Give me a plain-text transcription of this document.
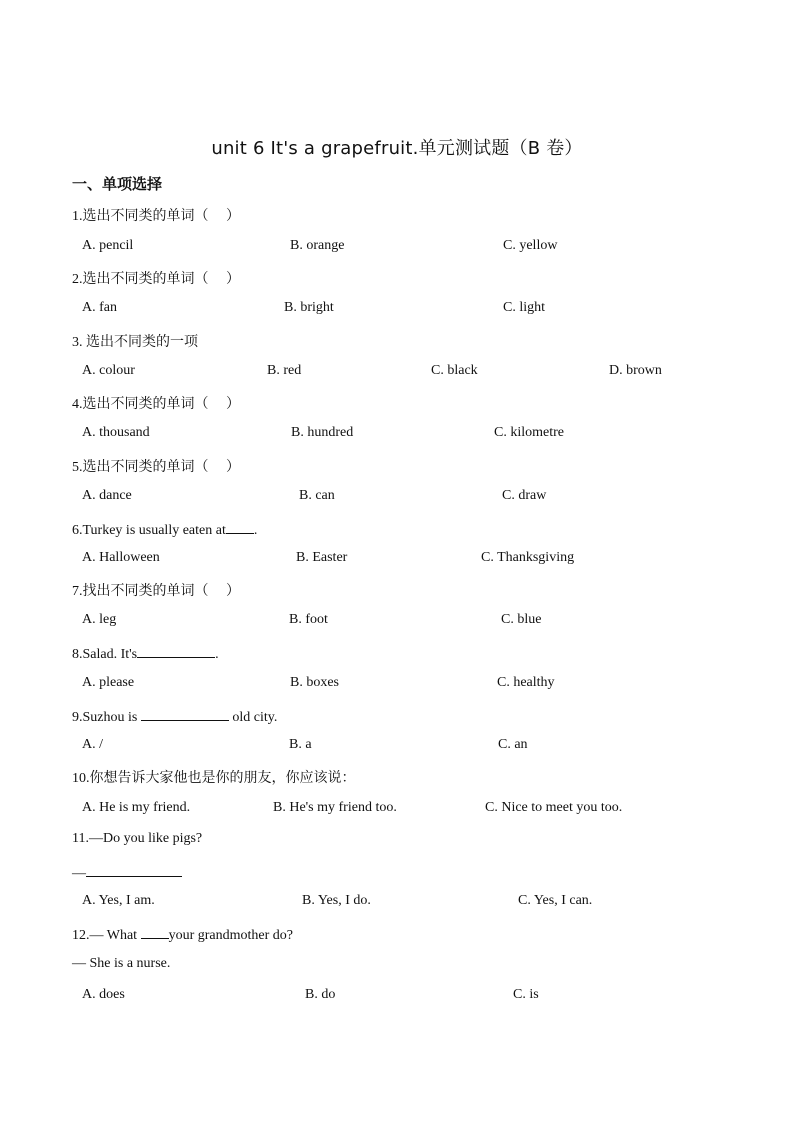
unit 6 It's a grapefruit.单元测试题（B 卷）
一、单项选择
1.选出不同类的单词（　 ）
A. pencil	B. orange	C. yellow
2.选出不同类的单词（　 ）
A. fan	B. bright	C. light
3. 选出不同类的一项
A. colour	B. red	C. black	D. brown
4.选出不同类的单词（　 ）
A. thousand	B. hundred	C. kilometre
5.选出不同类的单词（　 ）
A. dance	B. can	C. draw
6.Turkey is usually eaten at .
A. Halloween	B. Easter	C. Thanksgiving
7.找出不同类的单词（　 ）
A. leg	B. foot	C. blue
8.Salad. It's	.
A. please	B. boxes	C. healthy
9.Suzhou is	old city.
A. /	B. a	C. an
10.你想告诉大家他也是你的朋友，你应该说：
A. He is my friend.	B. He's my friend too.	C. Nice to meet you too.
11.—Do you like pigs?
—
A. Yes, I am.	B. Yes, I do.	C. Yes, I can.
12.— What your grandmother do?
— She is a nurse.
A. does	B. do	C. is
